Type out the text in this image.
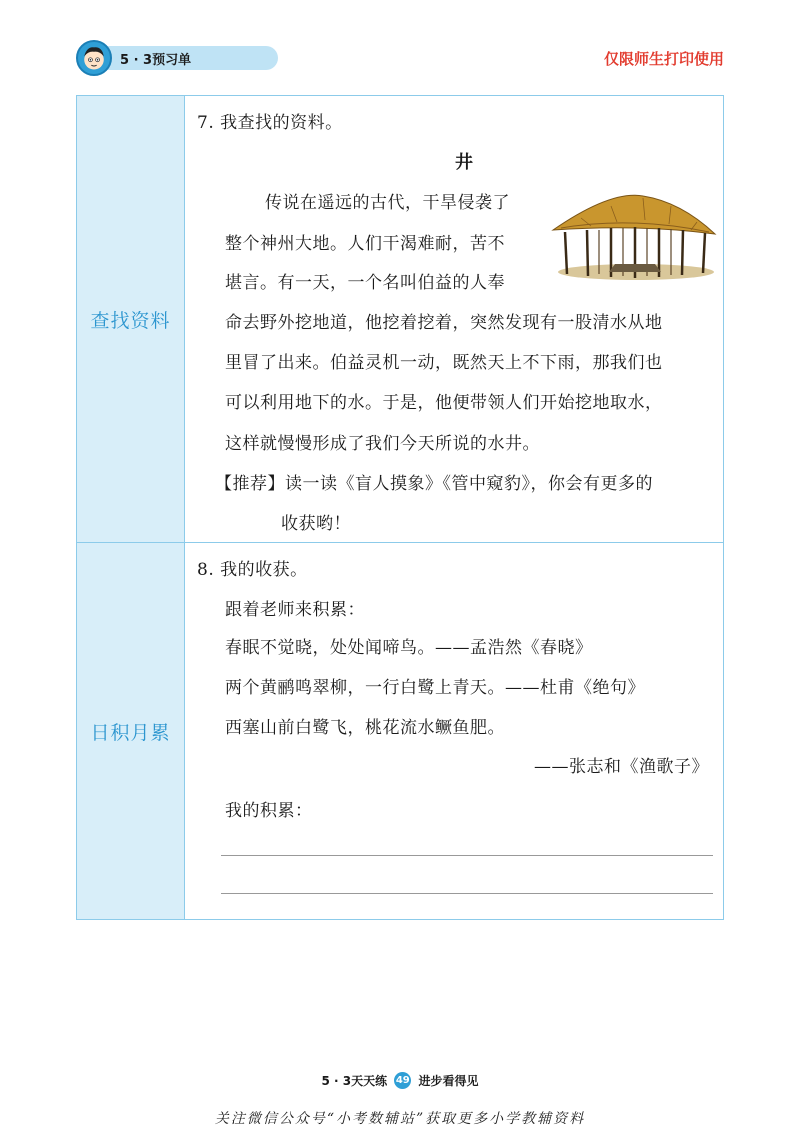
5 · 3预习单	仅限师生打印使用
查找资料
7. 我查找的资料。
井
传说在遥远的古代，干旱侵袭了
整个神州大地。人们干渴难耐，苦不
堪言。有一天，一个名叫伯益的人奉
命去野外挖地道，他挖着挖着，突然发现有一股清水从地
里冒了出来。伯益灵机一动，既然天上不下雨，那我们也
可以利用地下的水。于是，他便带领人们开始挖地取水，
这样就慢慢形成了我们今天所说的水井。
【推荐】读一读《盲人摸象》《管中窥豹》，你会有更多的
收获哟！
日积月累
8. 我的收获。
跟着老师来积累：
春眠不觉晓，处处闻啼鸟。——孟浩然《春晓》
两个黄鹂鸣翠柳，一行白鹭上青天。——杜甫《绝句》
西塞山前白鹭飞，桃花流水鳜鱼肥。
——张志和《渔歌子》
我的积累：
5 · 3天天练 49 进步看得见
关注微信公众号“小考数辅站”获取更多小学教辅资料
